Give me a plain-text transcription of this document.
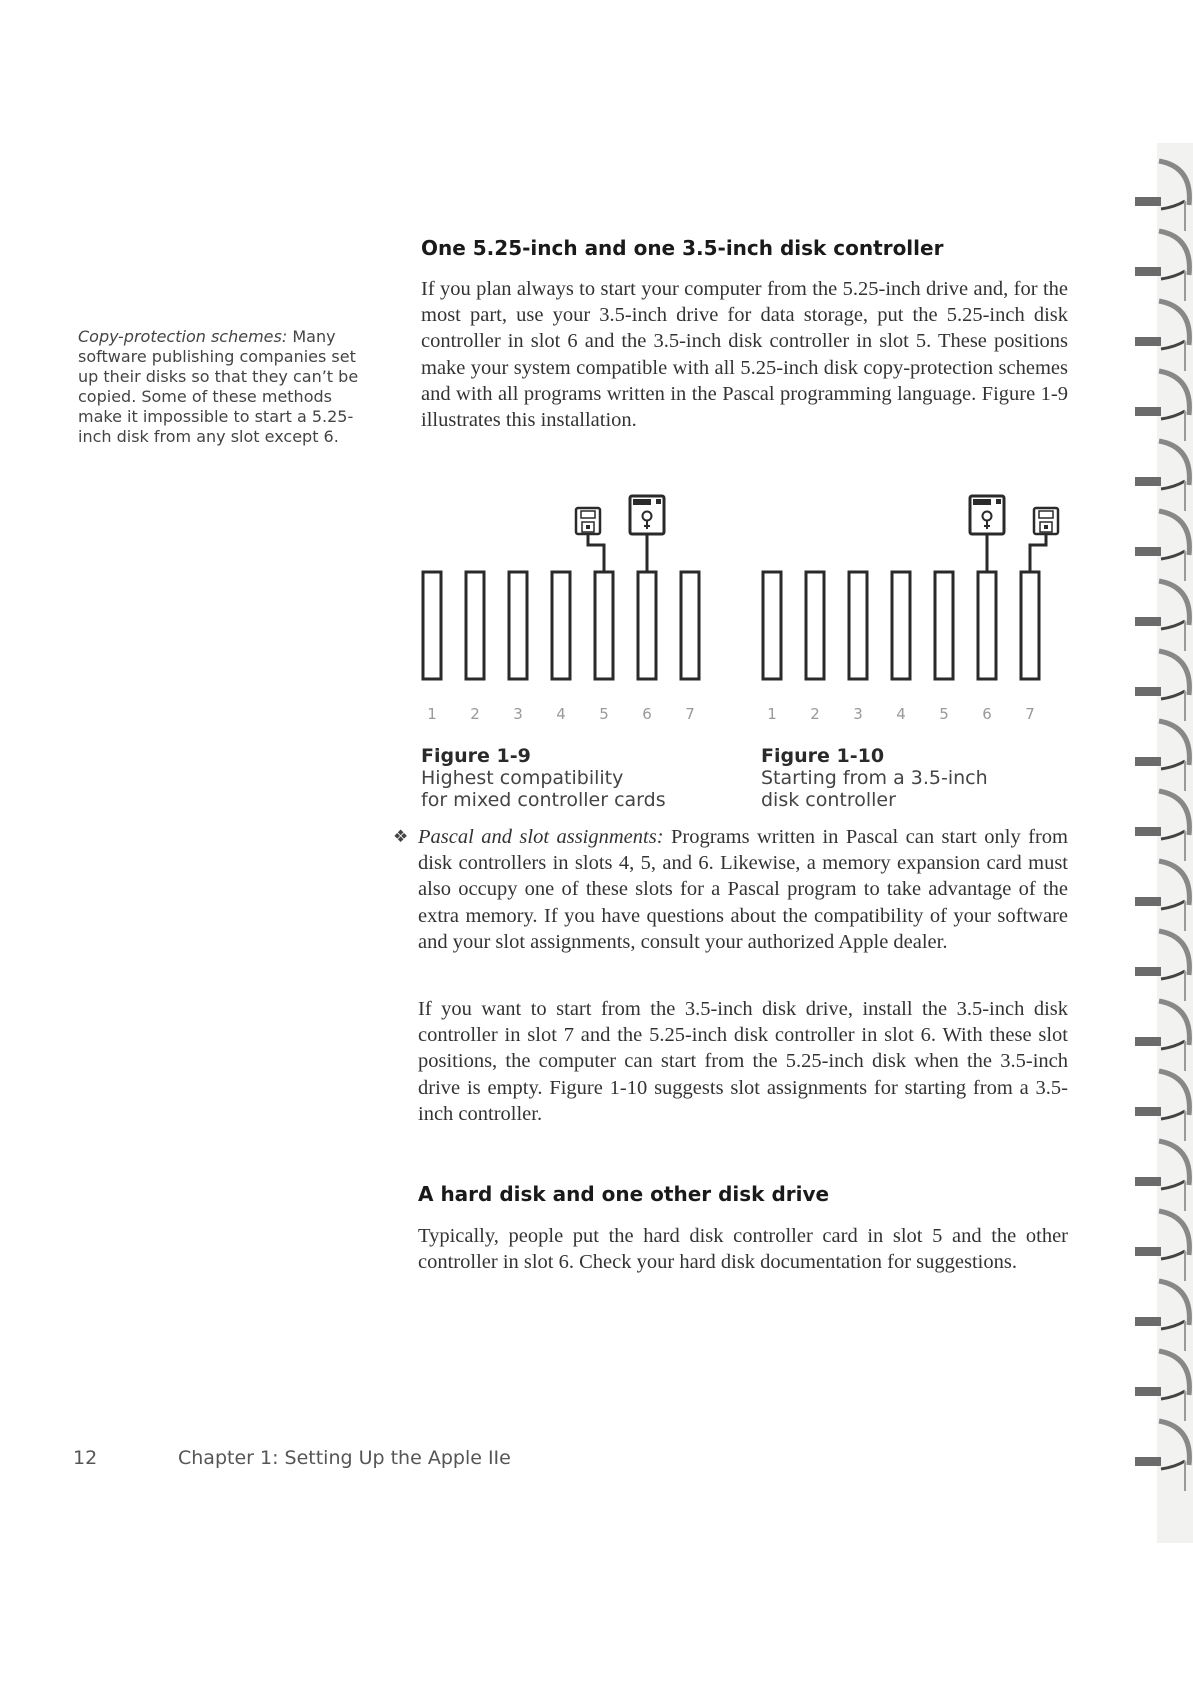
Copy-protection schemes: Many software publishing companies set up their disks so that they can’t be copied. Some of these methods make it impossible to start a 5.25-inch disk from any slot except 6.
One 5.25-inch and one 3.5-inch disk controller
If you plan always to start your computer from the 5.25-inch drive and, for the most part, use your 3.5-inch drive for data storage, put the 5.25-inch disk controller in slot 6 and the 3.5-inch disk controller in slot 5. These positions make your system compatible with all 5.25-inch disk copy-protection schemes and with all programs written in the Pascal programming language. Figure 1-9 illustrates this installation.
1 2 3 4 5 6 7
Figure 1-9
Highest compatibility
for mixed controller cards
1 2 3 4 5 6 7
Figure 1-10
Starting from a 3.5-inch
disk controller
❖ Pascal and slot assignments: Programs written in Pascal can start only from disk controllers in slots 4, 5, and 6. Likewise, a memory expansion card must also occupy one of these slots for a Pascal program to take advantage of the extra memory. If you have questions about the compatibility of your software and your slot assignments, consult your authorized Apple dealer.
If you want to start from the 3.5-inch disk drive, install the 3.5-inch disk controller in slot 7 and the 5.25-inch disk controller in slot 6. With these slot positions, the computer can start from the 5.25-inch disk when the 3.5-inch drive is empty. Figure 1-10 suggests slot assignments for starting from a 3.5-inch controller.
A hard disk and one other disk drive
Typically, people put the hard disk controller card in slot 5 and the other controller in slot 6. Check your hard disk documentation for suggestions.
12	Chapter 1: Setting Up the Apple IIe
